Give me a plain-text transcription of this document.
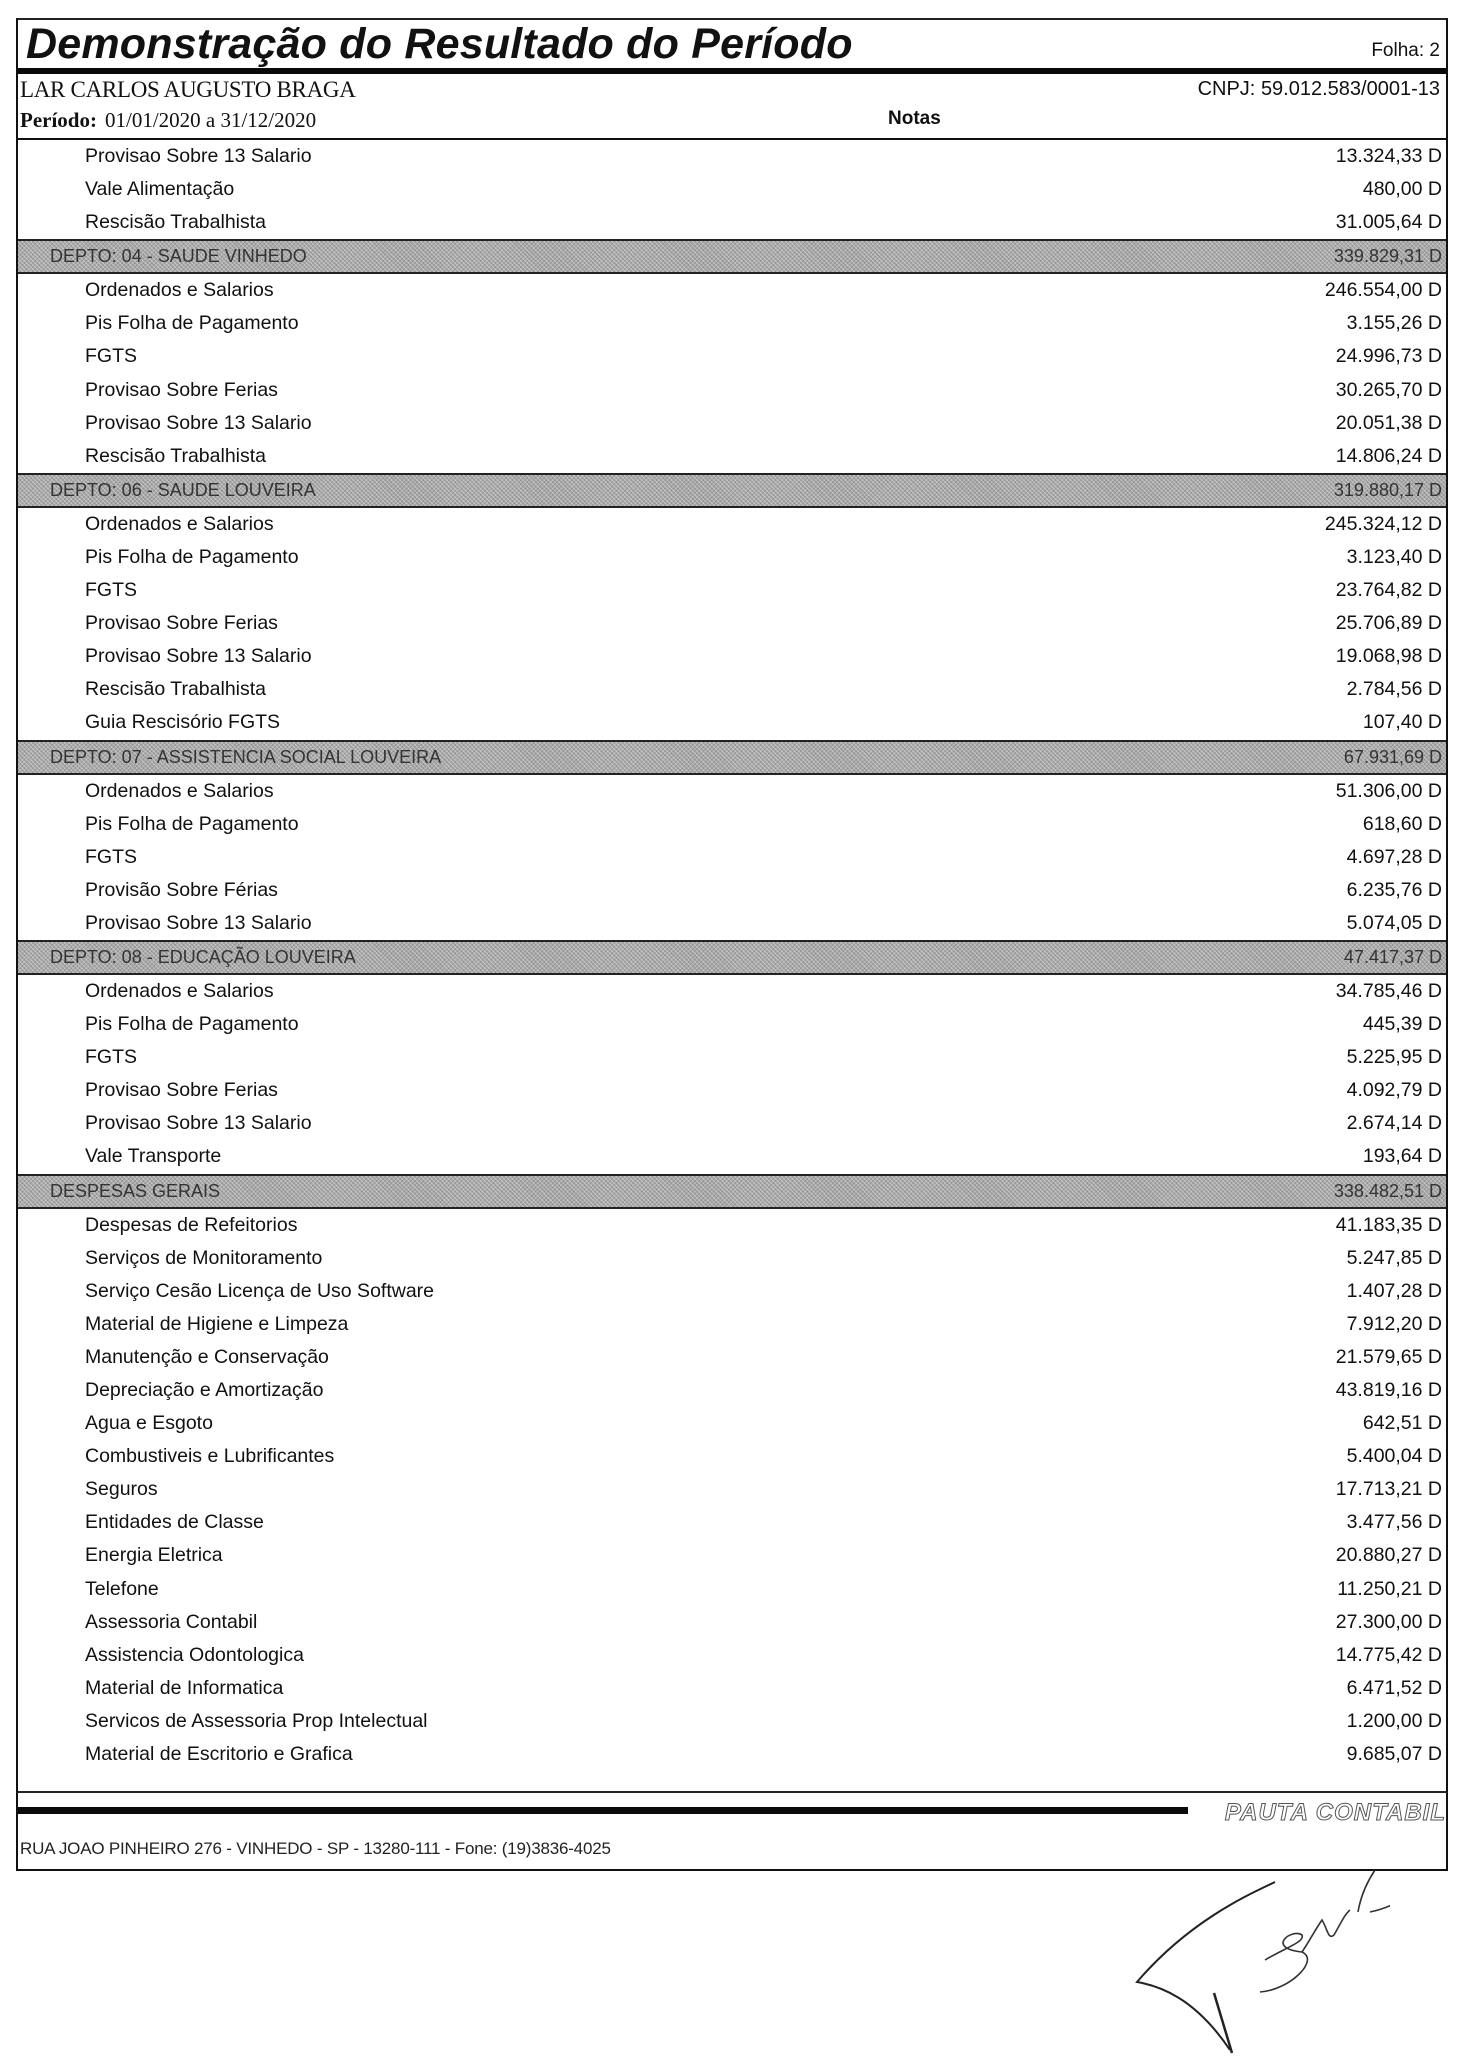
Demonstração do Resultado do Período	Folha: 2
LAR CARLOS AUGUSTO BRAGA	CNPJ: 59.012.583/0001-13
Período: 01/01/2020 a 31/12/2020	Notas
Provisao Sobre 13 Salario	13.324,33 D
Vale Alimentação	480,00 D
Rescisão Trabalhista	31.005,64 D
DEPTO: 04 - SAUDE VINHEDO	339.829,31 D
Ordenados e Salarios	246.554,00 D
Pis Folha de Pagamento	3.155,26 D
FGTS	24.996,73 D
Provisao Sobre Ferias	30.265,70 D
Provisao Sobre 13 Salario	20.051,38 D
Rescisão Trabalhista	14.806,24 D
DEPTO: 06 - SAUDE LOUVEIRA	319.880,17 D
Ordenados e Salarios	245.324,12 D
Pis Folha de Pagamento	3.123,40 D
FGTS	23.764,82 D
Provisao Sobre Ferias	25.706,89 D
Provisao Sobre 13 Salario	19.068,98 D
Rescisão Trabalhista	2.784,56 D
Guia Rescisório FGTS	107,40 D
DEPTO: 07 - ASSISTENCIA SOCIAL LOUVEIRA	67.931,69 D
Ordenados e Salarios	51.306,00 D
Pis Folha de Pagamento	618,60 D
FGTS	4.697,28 D
Provisão Sobre Férias	6.235,76 D
Provisao Sobre 13 Salario	5.074,05 D
DEPTO: 08 - EDUCAÇÃO LOUVEIRA	47.417,37 D
Ordenados e Salarios	34.785,46 D
Pis Folha de Pagamento	445,39 D
FGTS	5.225,95 D
Provisao Sobre Ferias	4.092,79 D
Provisao Sobre 13 Salario	2.674,14 D
Vale Transporte	193,64 D
DESPESAS GERAIS	338.482,51 D
Despesas de Refeitorios	41.183,35 D
Serviços de Monitoramento	5.247,85 D
Serviço Cesão Licença de Uso Software	1.407,28 D
Material de Higiene e Limpeza	7.912,20 D
Manutenção e Conservação	21.579,65 D
Depreciação e Amortização	43.819,16 D
Agua e Esgoto	642,51 D
Combustiveis e Lubrificantes	5.400,04 D
Seguros	17.713,21 D
Entidades de Classe	3.477,56 D
Energia Eletrica	20.880,27 D
Telefone	11.250,21 D
Assessoria Contabil	27.300,00 D
Assistencia Odontologica	14.775,42 D
Material de Informatica	6.471,52 D
Servicos de Assessoria Prop Intelectual	1.200,00 D
Material de Escritorio e Grafica	9.685,07 D
PAUTA CONTABIL
RUA JOAO PINHEIRO 276 - VINHEDO - SP - 13280-111 - Fone: (19)3836-4025
